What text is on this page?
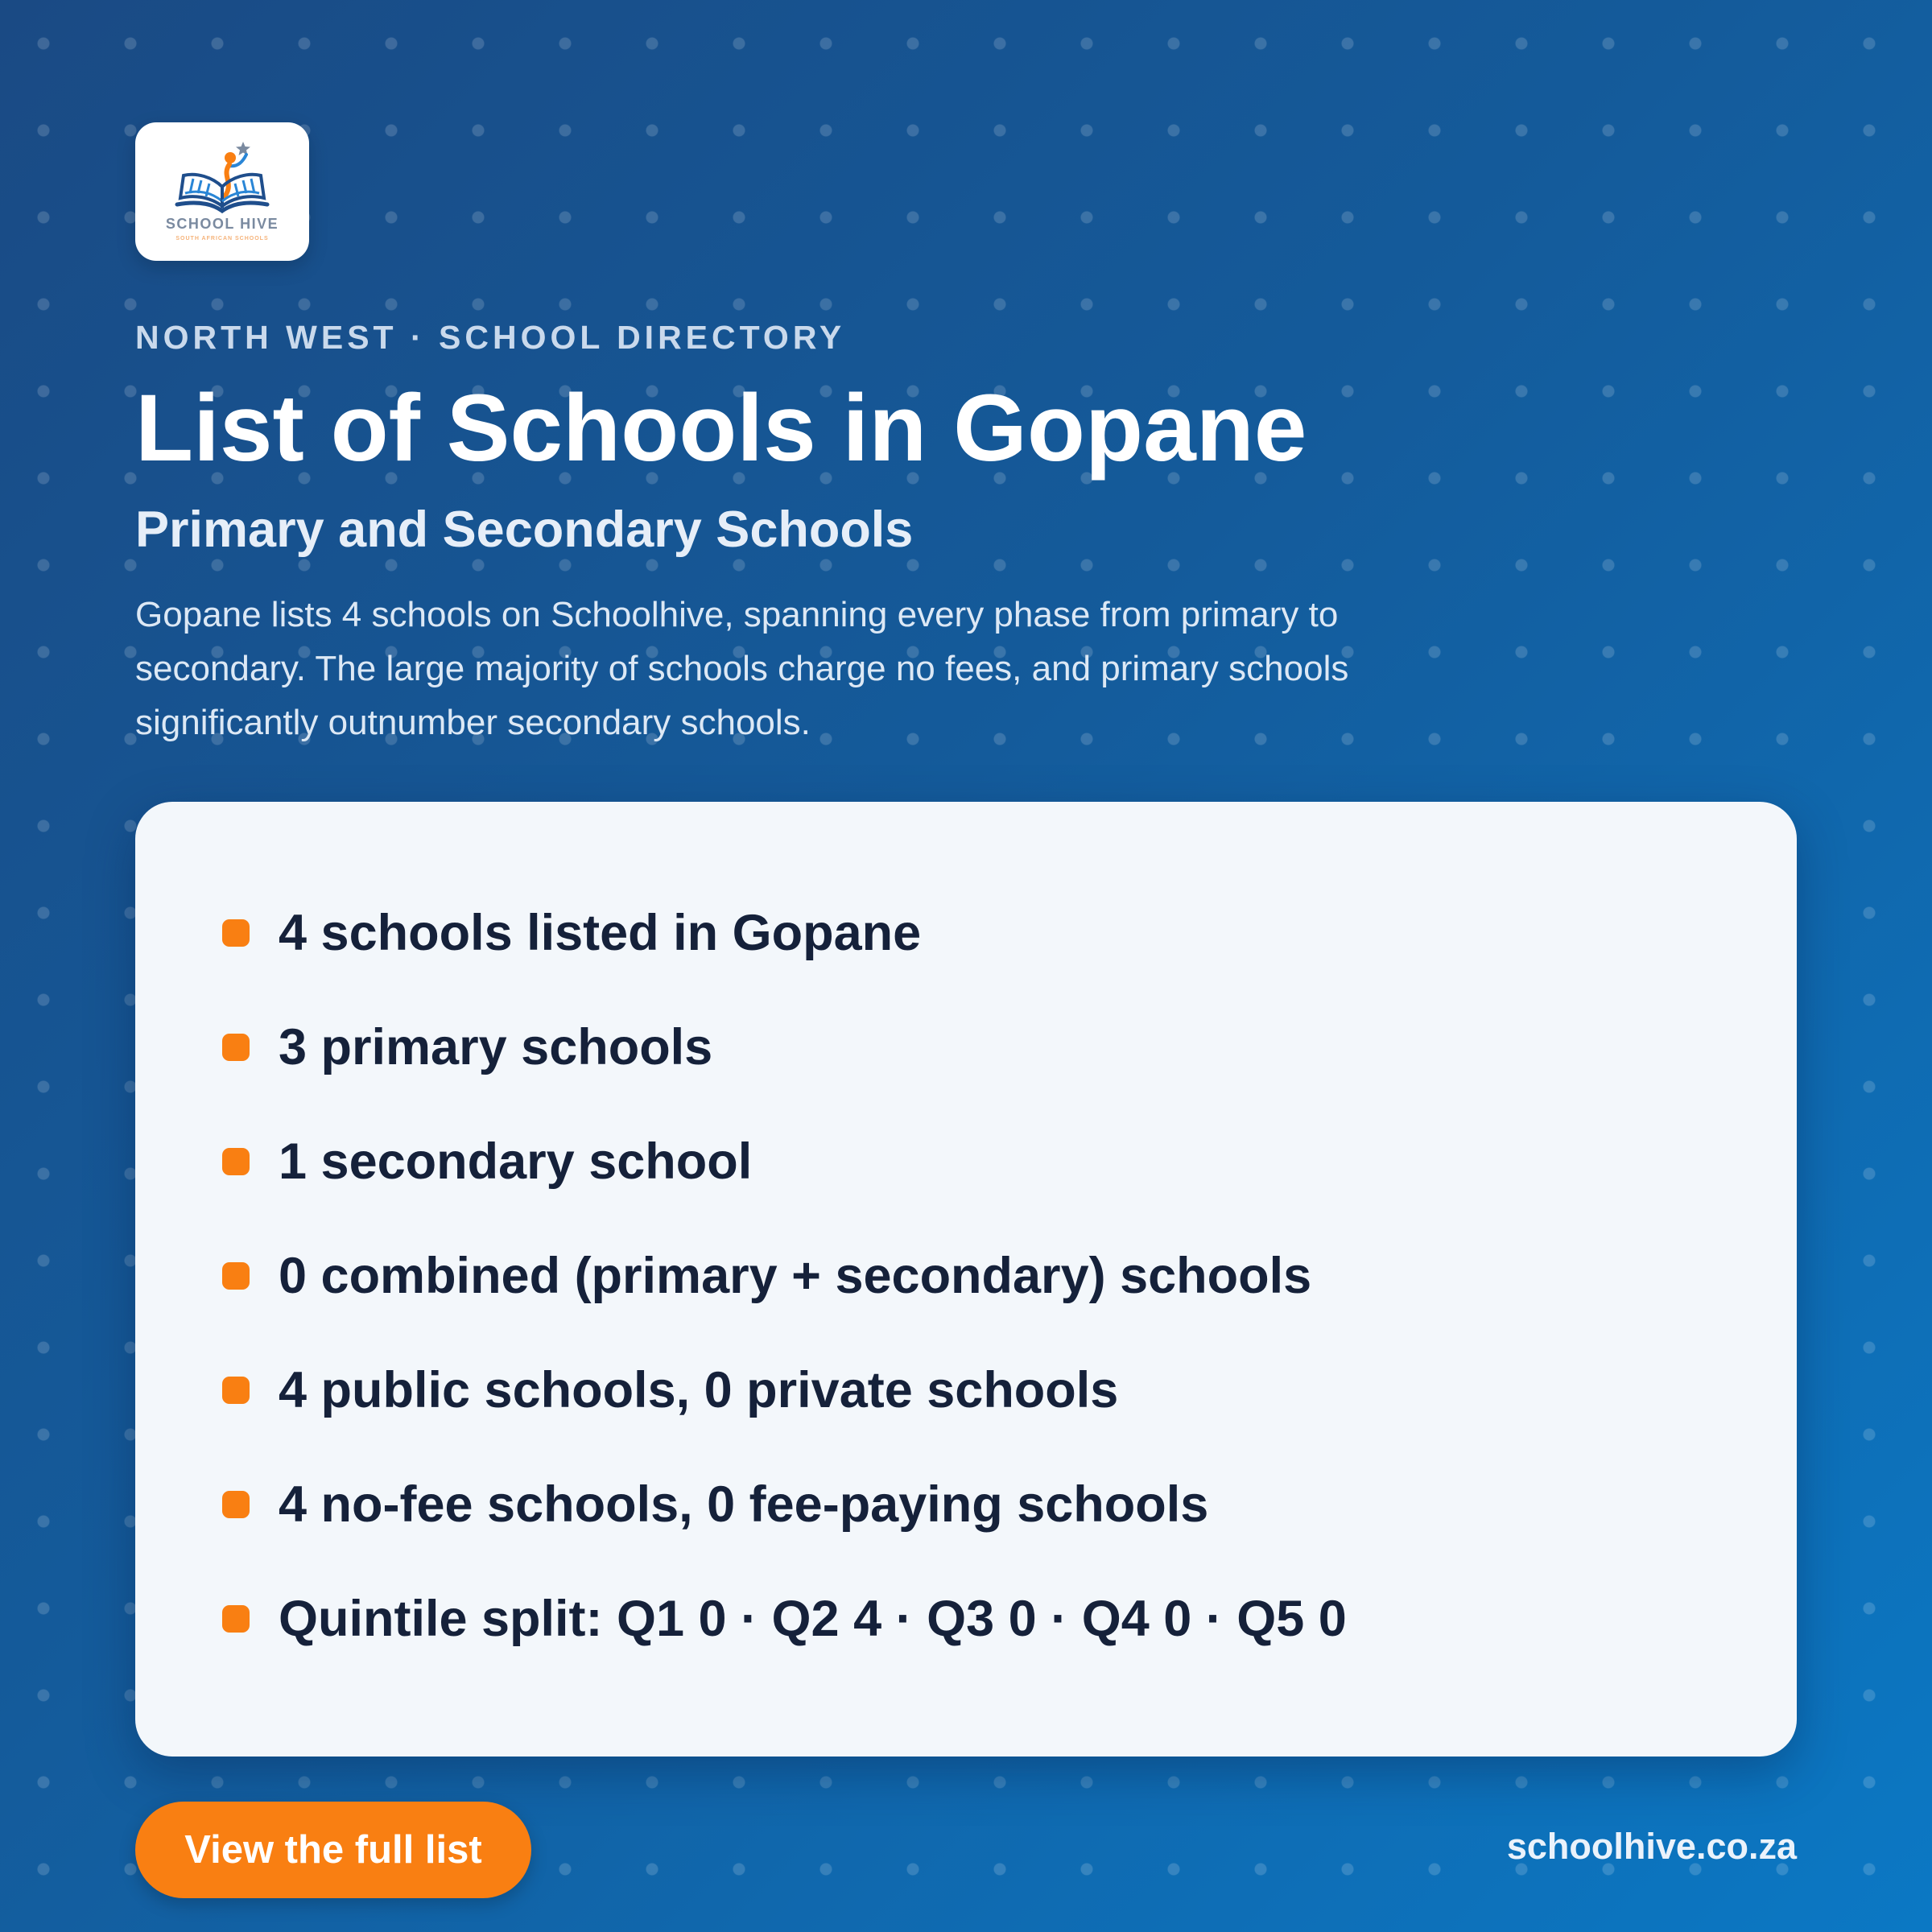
SCHOOL HIVE
SOUTH AFRICAN SCHOOLS

NORTH WEST · SCHOOL DIRECTORY

List of Schools in Gopane
Primary and Secondary Schools

Gopane lists 4 schools on Schoolhive, spanning every phase from primary to secondary. The large majority of schools charge no fees, and primary schools significantly outnumber secondary schools.

4 schools listed in Gopane
3 primary schools
1 secondary school
0 combined (primary + secondary) schools
4 public schools, 0 private schools
4 no-fee schools, 0 fee-paying schools
Quintile split: Q1 0 · Q2 4 · Q3 0 · Q4 0 · Q5 0
View the full list	schoolhive.co.za
